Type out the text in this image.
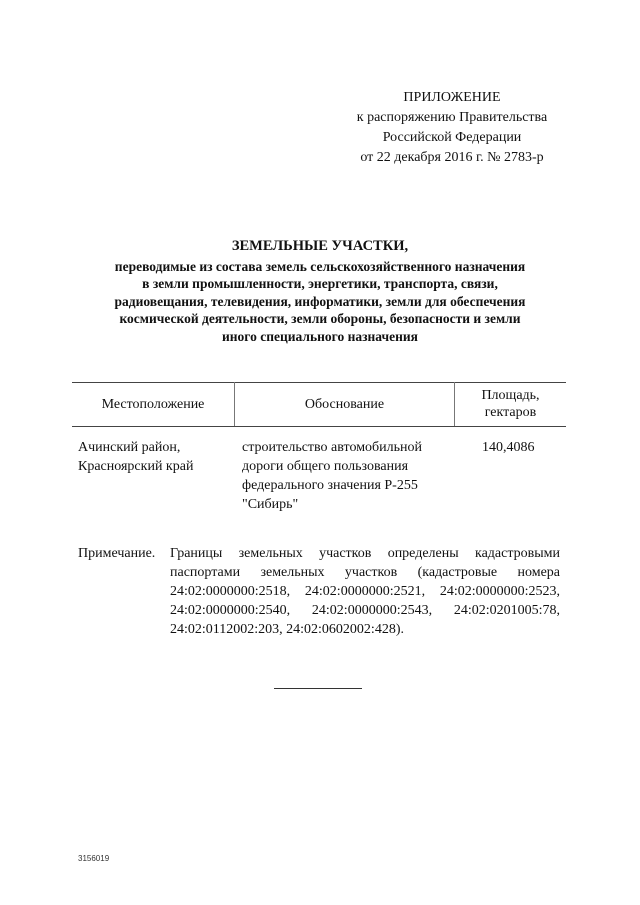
ПРИЛОЖЕНИЕ
к распоряжению Правительства
Российской Федерации
от 22 декабря 2016 г. № 2783-р
ЗЕМЕЛЬНЫЕ УЧАСТКИ,
переводимые из состава земель сельскохозяйственного назначения
в земли промышленности, энергетики, транспорта, связи,
радиовещания, телевидения, информатики, земли для обеспечения
космической деятельности, земли обороны, безопасности и земли
иного специального назначения
Местоположение	Обоснование
Площадь,
гектаров
Ачинский район,
Красноярский край
строительство автомобильной
дороги общего пользования
федерального значения Р-255
"Сибирь"
140,4086
Примечание. Границы земельных участков определены кадастровыми
паспортами земельных участков (кадастровые номера
24:02:0000000:2518, 24:02:0000000:2521, 24:02:0000000:2523,
24:02:0000000:2540, 24:02:0000000:2543, 24:02:0201005:78,
24:02:0112002:203, 24:02:0602002:428).
3156019
